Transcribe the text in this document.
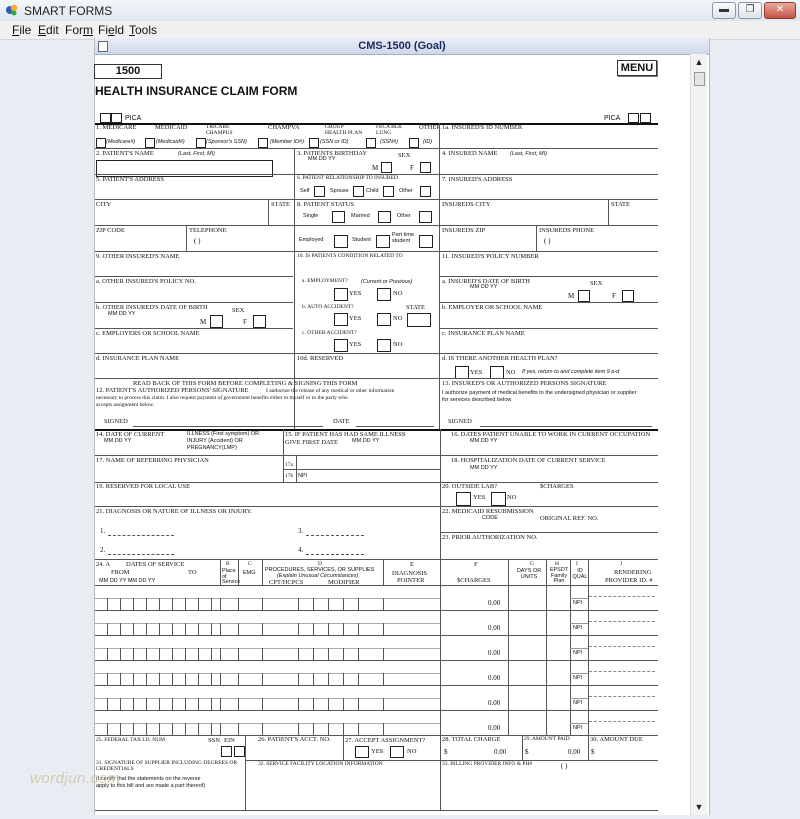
SMART FORMS	▬	❐	✕
File Edit Form Field Tools
CMS-1500 (Goal)
▲
▼
1500	MENU
HEALTH INSURANCE CLAIM FORM
PICA	PICA
1. MEDICARE	MEDICAID	TRICARE CHAMPUS
CHAMPVA	GROUP HEALTH PLAN
FECA BLK LUNG
OTHER
(Medicare#)	(Medicaid#)	(Sponsor's SSN)	(Member ID#)	(SSN or ID)	(SSN#)	(ID)
1a. INSURED'S ID NUMBER
2. PATIENT'S NAME	(Last, First, MI)	3. PATIENTS BIRTHDAY
MM DD YY	SEX
M	F
4. INSURED NAME (Last, First, MI)
5. PATIENT'S ADDRESS	6. PATIENT RELATIONSHIP TO INSURED
Self	Spouse	Child	Other
7. INSURED'S ADDRESS
CITY	STATE 8. PATIENT STATUS
Single	Married	Other
INSUREDS CITY	STATE
ZIP CODE	TELEPHONE
( )	Employed	Student
Part time student
INSUREDS ZIP	INSUREDS PHONE
( )
9. OTHER INSURED'S NAME	10. IS PATIENTS CONDITION RELATED TO	11. INSURED'S POLICY NUMBER
a. OTHER INSURED'S POLICY NO.	a. EMPLOYMENT? (Current or Previous)
YES	NO
a. INSURED'S DATE OF BIRTH
MM DD YY	SEX
M	F
b. OTHER INSURED'S DATE OF BIRTH
MM DD YY	SEX
M	F
b. AUTO ACCIDENT?	STATE
YES	NO
b. EMPLOYER OR SCHOOL NAME
c. EMPLOYERS OR SCHOOL NAME	c. OTHER ACCIDENT?
YES	NO
c. INSURANCE PLAN NAME
d. INSURANCE PLAN NAME	10d. RESERVED	d. IS THERE ANOTHER HEALTH PLAN?
YES	NO If yes, return to and complete item 9 a-d
READ BACK OF THIS FORM BEFORE COMPLETING & SIGNING THIS FORM
12. PATIENT'S AUTHORIZED PERSONS' SIGNATURE	I authorize the release of any medical or other information
necessary to process this claim. I also request payment of government benefits either to myself or to the party who
accepts assignment below.
SIGNED	DATE
13. INSURED'S OR AUTHORIZED PERSONS SIGNATURE
I authorize payment of medical benefits to the undersigned physician or supplier
for services described below
SIGNED
14. DATE OF CURRENT
MM DD YY
ILLNESS (First symptom) OR
INJURY (Accident) OR
PREGNANCY(LMP)
15. IF PATIENT HAS HAD SAME ILLNESS
GIVE FIRST DATE	MM DD YY
16. DATES PATIENT UNABLE TO WORK IN CURRENT OCCUPATION
MM DD YY
17. NAME OF REFERRING PHYSICIAN
17a
17b NPI
18. HOSPITALIZATION DATE OF CURRENT SERVICE
MM DD YY
19. RESERVED FOR LOCAL USE	20. OUTSIDE LAB?	$CHARGES
YES	NO
21. DIAGNOSIS OR NATURE OF ILLNESS OR INJURY.
1.	3.
2.	4.
22. MEDICAID RESUBMISSION
CODE	ORIGINAL REF. NO.
23. PRIOR AUTHORIZATION NO.
24. A DATES OF SERVICE
FROM	TO
MM DD YY MM DD YY
B
Place of Service
C
EMG
D
PROCEDURES, SERVICES, OR SUPPLIES
(Explain Unusual Circumstances)
CPT/HCPCS	MODIFIER
E
DIAGNOSIS
POINTER
F
$CHARGES
G
DAYS OR UNITS
H
EPSDT Family Plan
I
ID QUAL
J
RENDERING
PROVIDER ID. #
0.00	NPI
0.00	NPI
0.00	NPI
0.00	NPI
0.00	NPI
0.00	NPI
25. FEDERAL TAX I.D. NUM	SSN EIN	26. PATIENT'S ACCT. NO. 27. ACCEPT ASSIGNMENT?
YES	NO
28. TOTAL CHARGE
$	0.00
29. AMOUNT PAID
$	0.00
30. AMOUNT DUE
$
31. SIGNATURE OF SUPPLIER INCLUDING DEGREES OR CREDENTIALS
(I certify that the statements on the reverse
apply to this bill and are made a part thereof)
32. SERVICE FACILITY LOCATION INFORMATION	33. BILLING PROVIDER INFO & PH#	( )
wordjun.com
